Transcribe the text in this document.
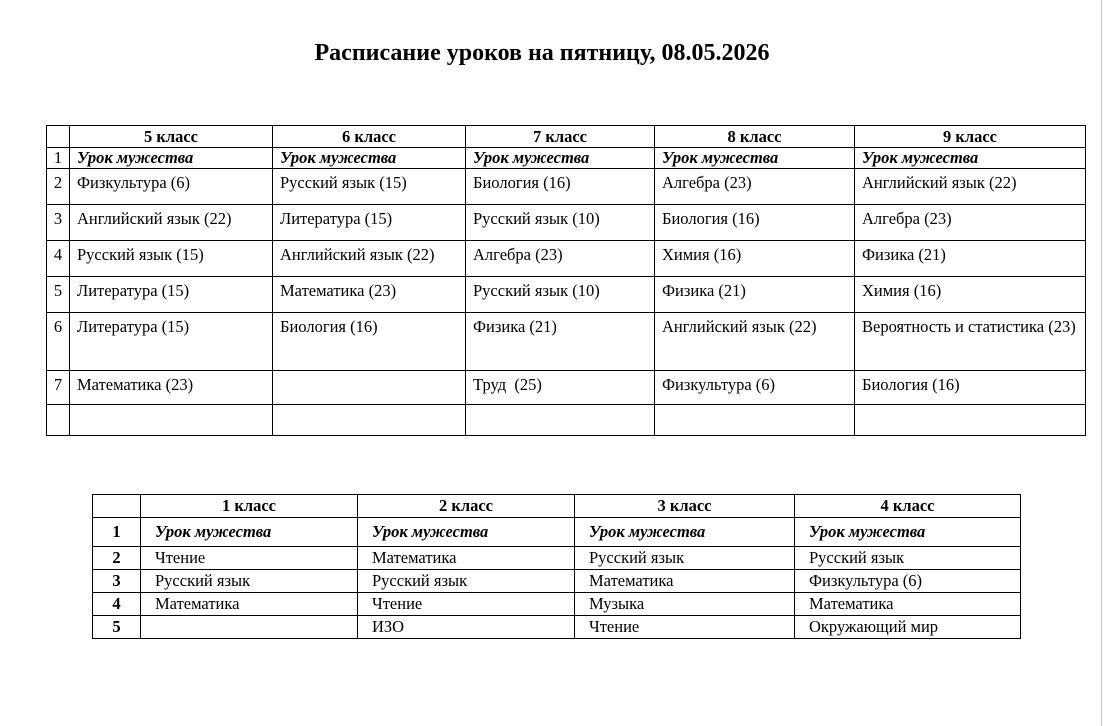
Расписание уроков на пятницу, 08.05.2026
	5 класс	6 класс	7 класс	8 класс	9 класс
1	Урок мужества	Урок мужества	Урок мужества	Урок мужества	Урок мужества
2	Физкультура (6)	Русский язык (15)	Биология (16)	Алгебра (23)	Английский язык (22)
3	Английский язык (22)	Литература (15)	Русский язык (10)	Биология (16)	Алгебра (23)
4	Русский язык (15)	Английский язык (22)	Алгебра (23)	Химия (16)	Физика (21)
5	Литература (15)	Математика (23)	Русский язык (10)	Физика (21)	Химия (16)
6	Литература (15)	Биология (16)	Физика (21)	Английский язык (22)	Вероятность и статистика (23)
7	Математика (23)		Труд  (25)	Физкультура (6)	Биология (16)

	1 класс	2 класс	3 класс	4 класс
1	Урок мужества	Урок мужества	Урок мужества	Урок мужества
2	Чтение	Математика	Русский язык	Русский язык
3	Русский язык	Русский язык	Математика	Физкультура (6)
4	Математика	Чтение	Музыка	Математика
5		ИЗО	Чтение	Окружающий мир
